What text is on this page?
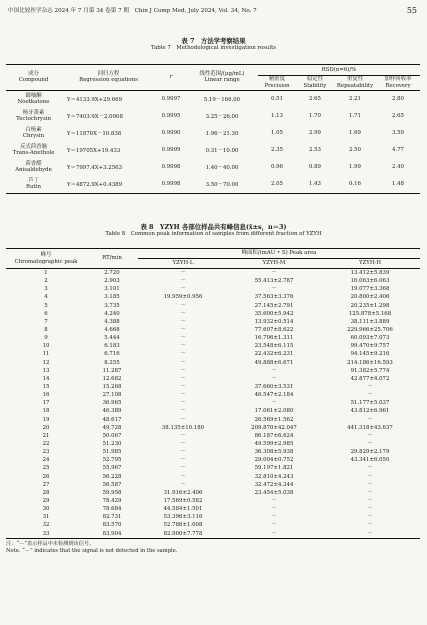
中国比较医学杂志 2024 年 7 月第 34 卷第 7 期　 Chin J Comp Med, July 2024, Vol. 34, No. 7	55
表 7　方法学考察结果
Table 7　Methodological investigation results
成分
Compound	回归方程
Regression equations	r	线性范围/(μg/mL)
Linear range	RSD(n=6)/%			
				精密度
Precision	稳定性
Stability	重复性
Repeatability	加样回收率
Recovery

圆柚酮
Nootkatone	Y＝4133.9X+29.669	0.9997	5.19－166.00	0.51	2.65	2.21	2.80

杨牙黄素
Tectochrysin	Y＝7403.9X－2.0908	0.9995	3.25－26.00	1.13	1.70	1.71	2.65

白杨素
Chrysin	Y＝11870X－10.838	0.9990	1.96－21.30	1.05	2.99	1.69	3.59

反式茴香脑
Trans-Anethole	Y＝19705X+19.433	0.9999	0.31－10.00	2.35	2.53	2.50	4.77

茴香醛
Anisaldehyde	Y＝7997.4X+3.2563	0.9998	1.40－40.00	0.96	0.89	1.99	2.40

芦丁
Rutin	Y＝4872.9X+0.4389	0.9998	3.50－70.00	2.05	1.43	0.16	1.48
表 8　YZYH 各部位样品共有峰信息(x̄±s，n＝3)
Table 8　Common peak information of samples from different fraction of YZYH
峰号
Chromatographic peak	RT/min	峰面积/(mAU • S) Peak area		
		YZYH-L	YZYH-M	YZYH-H
1	2.720	－	－	13.412±5.839
2	2.903	－	55.413±2.787	16.063±6.063
3	3.101	－	－	19.077±3.368
4	3.185	19.959±0.956	37.563±3.376	20.800±2.406
5	3.735	－	27.145±2.791	20.235±1.298
6	4.240	－	35.600±5.942	125.878±5.168
7	4.388	－	13.932±0.514	38.111±3.889
8	4.668	－	77.607±8.622	229.966±25.706
9	5.444	－	16.706±1.311	60.093±7.073
10	6.183	－	23.548±6.115	99.470±9.757
11	6.716	－	22.432±6.231	94.145±9.216
12	8.255	－	49.888±6.671	214.186±16.593
13	11.287	－	－	91.382±5.774
14	12.682	－	－	42.877±4.072
15	15.268	－	37.660±3.531	－
16	27.108	－	46.547±2.184	－
17	36.965	－	－	51.177±5.037
18	46.389	－	17.061±2.080	43.812±6.961
19	48.617	－	26.569±1.562	－
20	49.728	38.135±10.180	209.870±42.047	441.318±43.637
21	50.067	－	86.187±6.624	－
22	51.230	－	49.599±2.985	－
23	51.985	－	36.308±5.938	29.829±2.179
24	52.795	－	29.004±0.752	43.341±6.050
25	55.967	－	59.197±1.821	－
26	56.228	－	32.810±4.243	－
27	56.587	－	32.472±4.344	－
28	59.958	31.916±2.406	23.454±5.038	－
29	78.429	17.569±0.582	－	－
30	78.684	44.584±1.501	－	－
31	82.731	53.396±3.116	－	－
32	83.570	52.786±1.008	－	－
33	83.904	82.900±7.778	－	－
注：“－”表示样品中未检测到该信号。
Note. “－” indicates that the signal is not detected in the sample.
